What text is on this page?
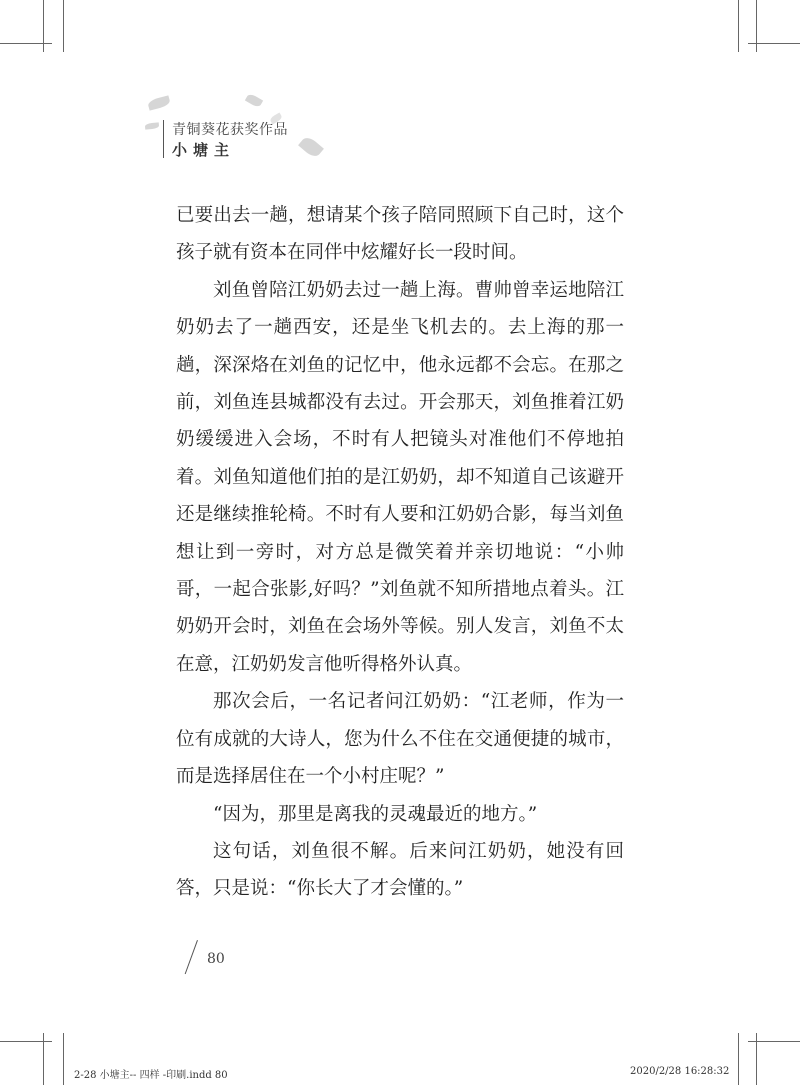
青铜葵花获奖作品
小塘主

已要出去一趟，想请某个孩子陪同照顾下自己时，这个孩子就有资本在同伴中炫耀好长一段时间。

刘鱼曾陪江奶奶去过一趟上海。曹帅曾幸运地陪江奶奶去了一趟西安，还是坐飞机去的。去上海的那一趟，深深烙在刘鱼的记忆中，他永远都不会忘。在那之前，刘鱼连县城都没有去过。开会那天，刘鱼推着江奶奶缓缓进入会场，不时有人把镜头对准他们不停地拍着。刘鱼知道他们拍的是江奶奶，却不知道自己该避开还是继续推轮椅。不时有人要和江奶奶合影，每当刘鱼想让到一旁时，对方总是微笑着并亲切地说：“小帅哥，一起合张影,好吗？”刘鱼就不知所措地点着头。江奶奶开会时，刘鱼在会场外等候。别人发言，刘鱼不太在意，江奶奶发言他听得格外认真。

那次会后，一名记者问江奶奶：“江老师，作为一位有成就的大诗人，您为什么不住在交通便捷的城市，而是选择居住在一个小村庄呢？”

“因为，那里是离我的灵魂最近的地方。”

这句话，刘鱼很不解。后来问江奶奶，她没有回答，只是说：“你长大了才会懂的。”

80
2-28 小塘主-- 四样 -印刷.indd 80	2020/2/28 16:28:32
